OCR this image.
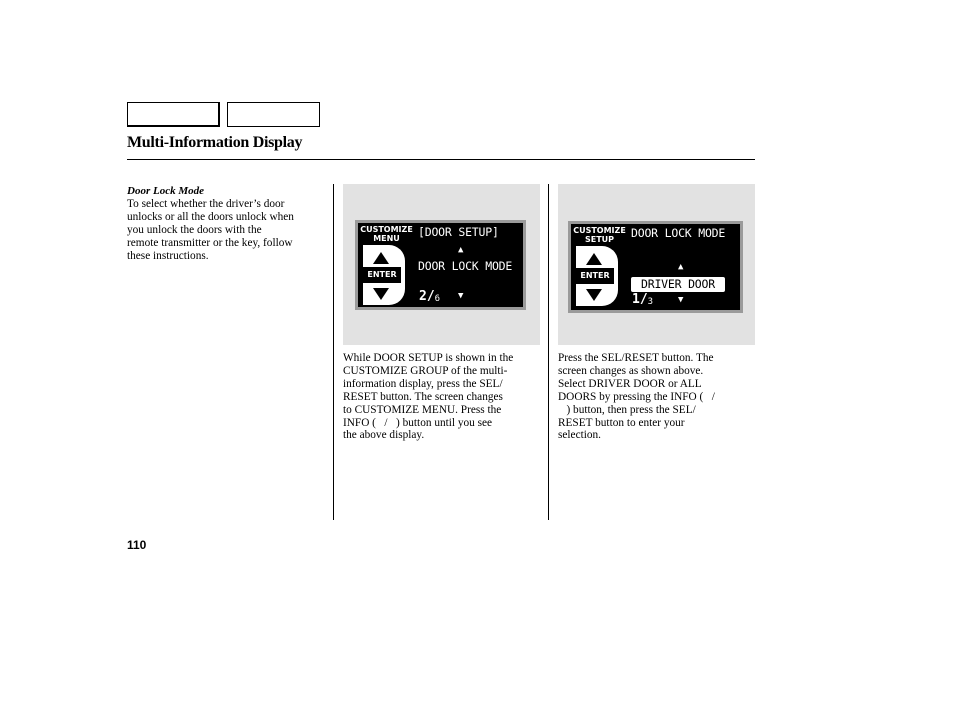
Multi-Information Display
Door Lock Mode
To select whether the driver’s door
unlocks or all the doors unlock when
you unlock the doors with the
remote transmitter or the key, follow
these instructions.
CUSTOMIZE
MENU
ENTER
[DOOR SETUP]
▲
DOOR LOCK MODE
▼
$2/_6$
CUSTOMIZE
SETUP
ENTER
DOOR LOCK MODE
▲
DRIVER DOOR
▼
$1/_3$
While DOOR SETUP is shown in the
CUSTOMIZE GROUP of the multi-
information display, press the SEL/
RESET button. The screen changes
to CUSTOMIZE MENU. Press the
INFO (   /   ) button until you see
the above display.
Press the SEL/RESET button. The
screen changes as shown above.
Select DRIVER DOOR or ALL
DOORS by pressing the INFO (   /
) button, then press the SEL/
RESET button to enter your
selection.
110
